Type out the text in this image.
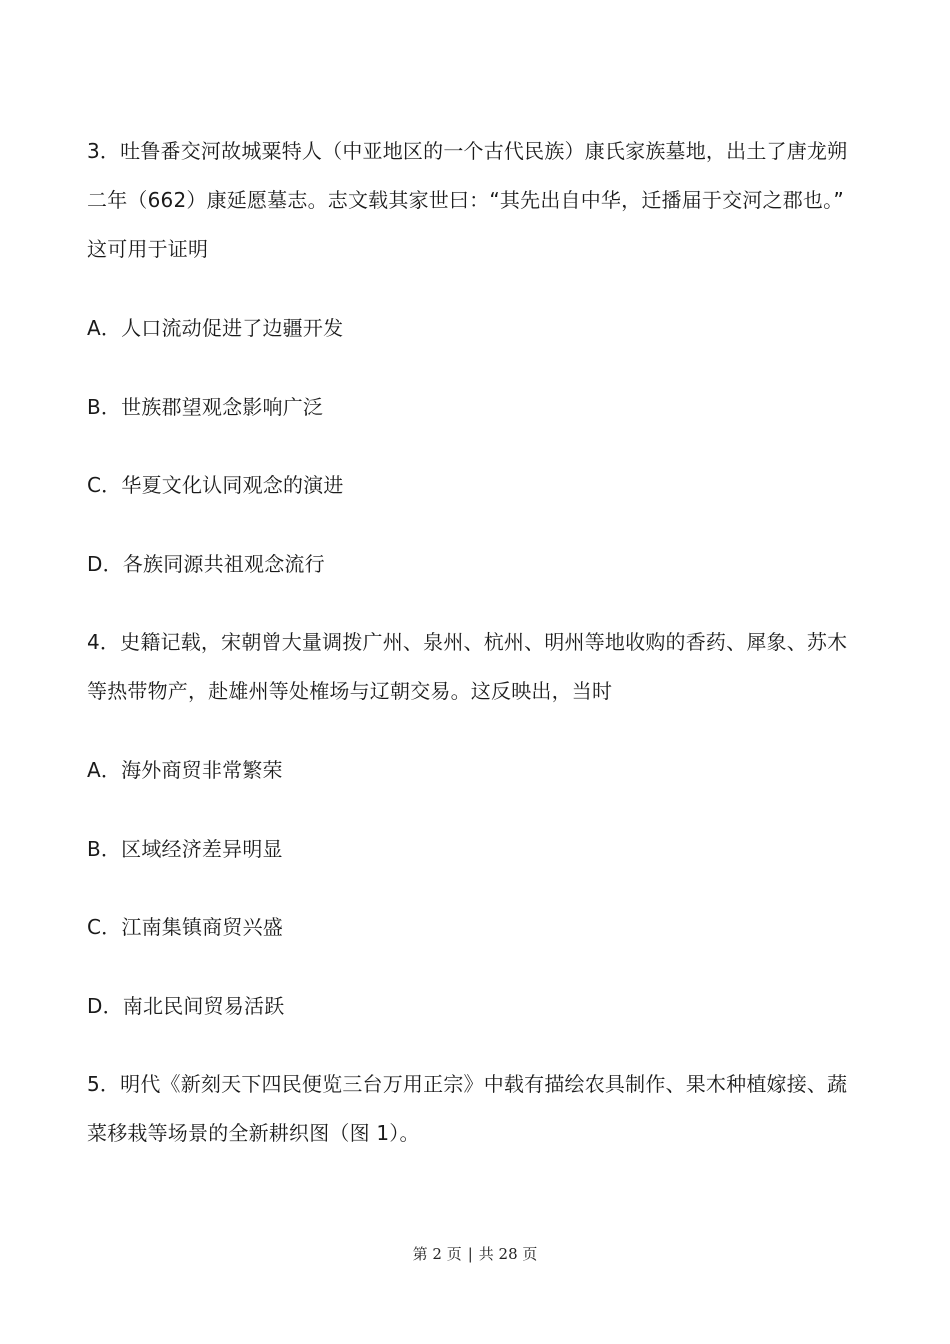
3．吐鲁番交河故城粟特人（中亚地区的一个古代民族）康氏家族墓地，出土了唐龙朔
二年（662）康延愿墓志。志文载其家世曰：“其先出自中华，迁播届于交河之郡也。”
这可用于证明
A．人口流动促进了边疆开发
B．世族郡望观念影响广泛
C．华夏文化认同观念的演进
D．各族同源共祖观念流行
4．史籍记载，宋朝曾大量调拨广州、泉州、杭州、明州等地收购的香药、犀象、苏木
等热带物产，赴雄州等处榷场与辽朝交易。这反映出，当时
A．海外商贸非常繁荣
B．区域经济差异明显
C．江南集镇商贸兴盛
D．南北民间贸易活跃
5．明代《新刻天下四民便览三台万用正宗》中载有描绘农具制作、果木种植嫁接、蔬
菜移栽等场景的全新耕织图（图 1）。
第 2 页 | 共 28 页
